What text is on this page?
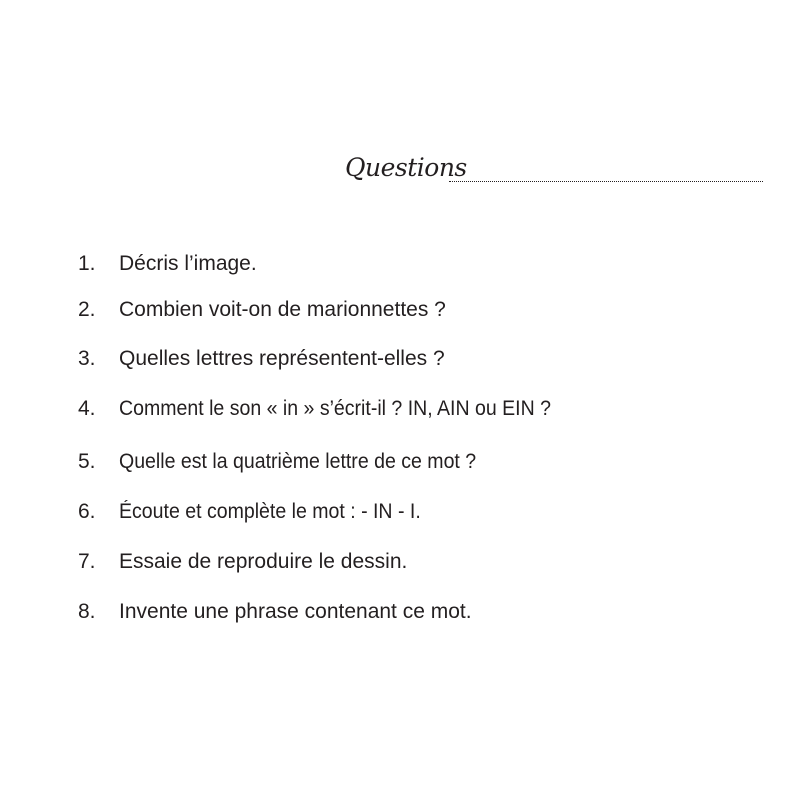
Questions
1. Décris l’image.
2. Combien voit-on de marionnettes ?
3. Quelles lettres représentent-elles ?
4. Comment le son « in » s’écrit-il ? IN, AIN ou EIN ?
5. Quelle est la quatrième lettre de ce mot ?
6. Écoute et complète le mot : - IN - I.
7. Essaie de reproduire le dessin.
8. Invente une phrase contenant ce mot.
